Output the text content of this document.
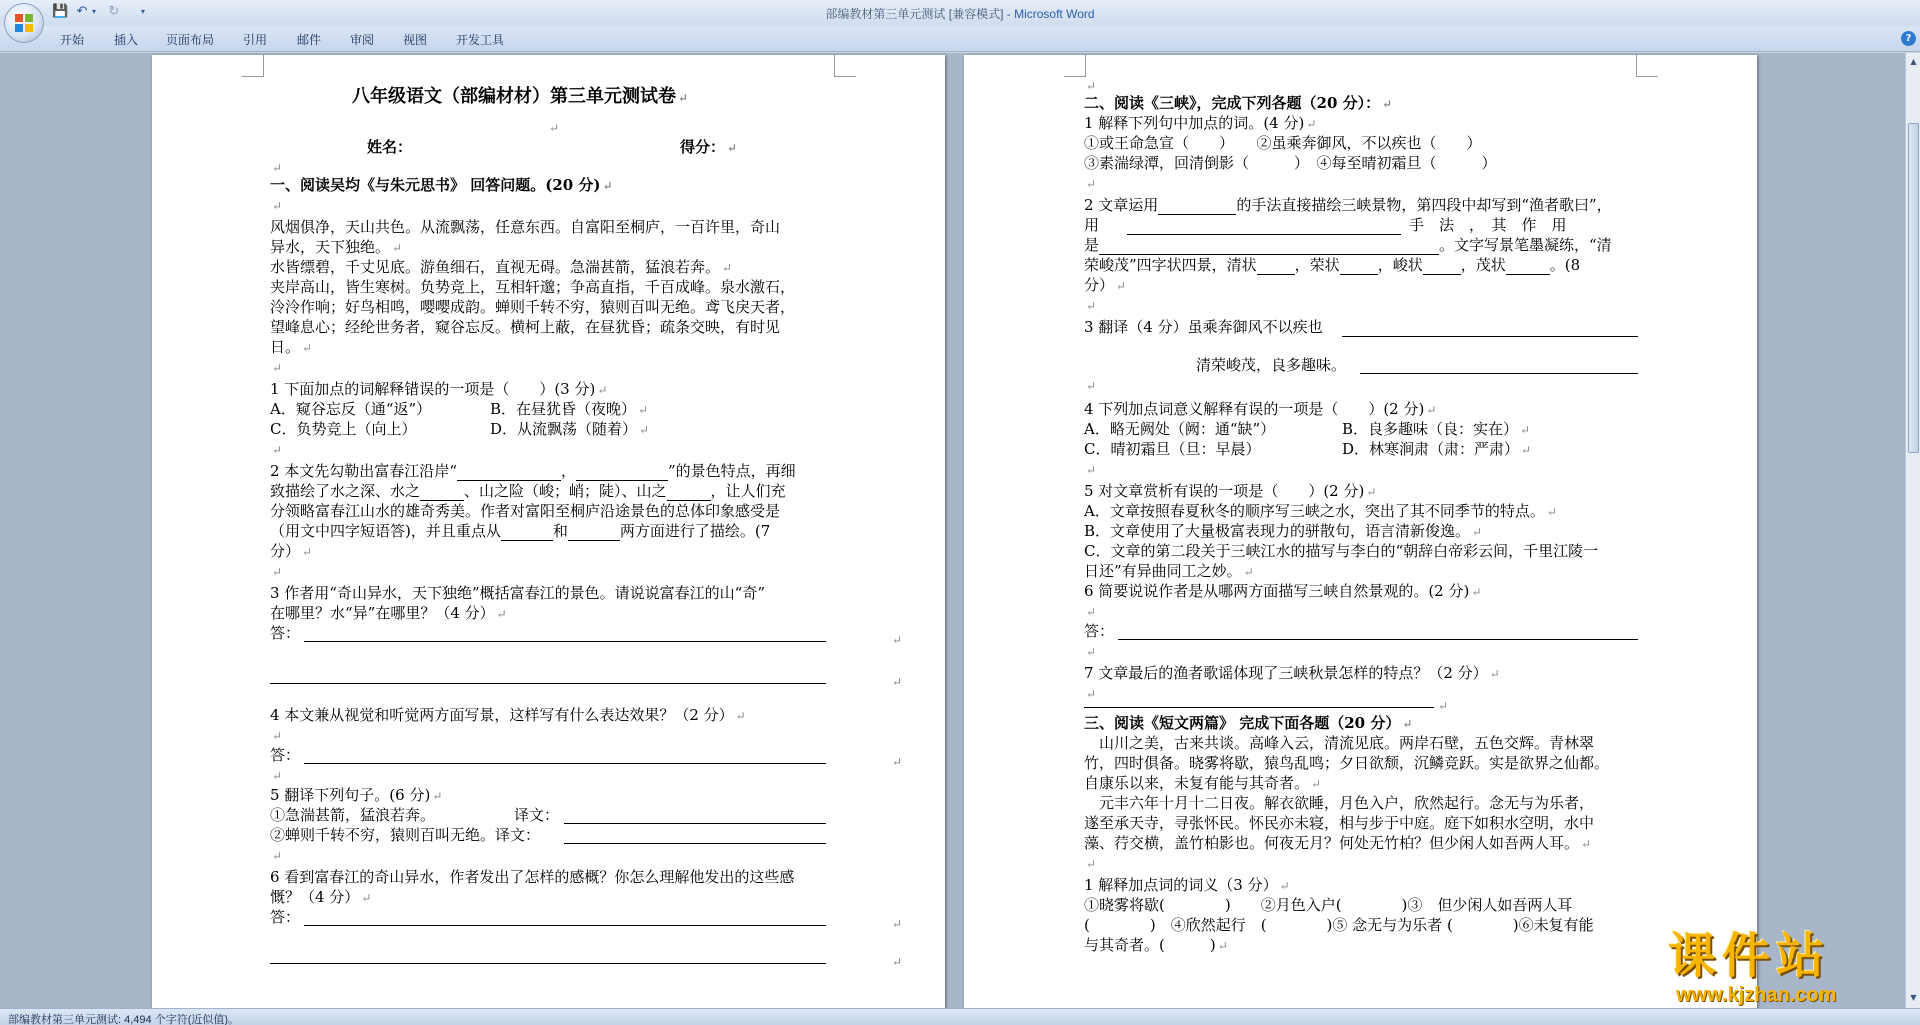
💾 ↶ ▾ ↻	▾	部编教材第三单元测试 [兼容模式] - Microsoft Word
开始 插入 页面布局 引用 邮件 审阅 视图 开发工具	?
八年级语文（部编材材）第三单元测试卷 ↵
↵
姓名：	得分： ↵
↵
一、阅读吴均《与朱元思书》 回答问题。(20 分) ↵
↵
风烟俱净，天山共色。从流飘荡，任意东西。自富阳至桐庐，一百许里，奇山
异水，天下独绝。 ↵
水皆缥碧，千丈见底。游鱼细石，直视无碍。急湍甚箭，猛浪若奔。 ↵
夹岸高山，皆生寒树。负势竞上，互相轩邈；争高直指，千百成峰。泉水激石，
泠泠作响；好鸟相鸣，嘤嘤成韵。蝉则千转不穷，猿则百叫无绝。鸢飞戾天者，
望峰息心；经纶世务者，窥谷忘反。横柯上蔽，在昼犹昏；疏条交映，有时见
日。 ↵
↵
1 下面加点的词解释错误的一项是（　　）(3 分) ↵
A．窥谷忘反（通“返”）	B．在昼犹昏（夜晚） ↵
C．负势竞上（向上）	D．从流飘荡（随着） ↵
↵
2 本文先勾勒出富春江沿岸“	，	”的景色特点，再细
致描绘了水之深、水之	、山之险（峻；峭；陡）、山之	，让人们充
分领略富春江山水的雄奇秀美。作者对富阳至桐庐沿途景色的总体印象感受是
（用文中四字短语答)，并且重点从	和	两方面进行了描绘。(7
分） ↵
↵
3 作者用“奇山异水，天下独绝”概括富春江的景色。请说说富春江的山“奇”
在哪里？水“异”在哪里？（4 分） ↵
答：	↵
↵
4 本文兼从视觉和听觉两方面写景，这样写有什么表达效果？（2 分） ↵
↵
答：	↵
↵
5 翻译下列句子。(6 分) ↵
①急湍甚箭，猛浪若奔。	译文：
②蝉则千转不穷，猿则百叫无绝。译文：
↵
6 看到富春江的奇山异水，作者发出了怎样的感概？你怎么理解他发出的这些感
慨？（4 分） ↵
答：	↵
↵
↵
二、阅读《三峡》，完成下列各题（20 分）： ↵
1 解释下列句中加点的词。(4 分) ↵
①或王命急宣（　　）　　②虽乘奔御风，不以疾也（　　）
③素湍绿潭，回清倒影（　　　）　④每至晴初霜旦（　　　）
↵
2 文章运用	的手法直接描绘三峡景物，第四段中却写到“渔者歌曰”，
用	手　法　，　其　作　用
是	。文字写景笔墨凝练，“清
荣峻茂”四字状四景，清状	，荣状	，峻状	，茂状	。(8
分） ↵
↵
3 翻译（4 分）虽乘奔御风不以疾也
清荣峻茂，良多趣味。
↵
4 下列加点词意义解释有误的一项是（　　）(2 分) ↵
A．略无阙处（阙：通“缺”）	B．良多趣味（良：实在） ↵
C．晴初霜旦（旦：早晨）	D．林寒涧肃（肃：严肃） ↵
↵
5 对文章赏析有误的一项是（　　）(2 分) ↵
A．文章按照春夏秋冬的顺序写三峡之水，突出了其不同季节的特点。 ↵
B．文章使用了大量极富表现力的骈散句，语言清新俊逸。 ↵
C．文章的第二段关于三峡江水的描写与李白的“朝辞白帝彩云间，千里江陵一
日还”有异曲同工之妙。 ↵
6 简要说说作者是从哪两方面描写三峡自然景观的。(2 分) ↵
↵
答：
↵
7 文章最后的渔者歌谣体现了三峡秋景怎样的特点？（2 分） ↵
↵
↵
三、阅读《短文两篇》 完成下面各题（20 分） ↵
　山川之美，古来共谈。高峰入云，清流见底。两岸石壁，五色交辉。青林翠
竹，四时俱备。晓雾将歇，猿鸟乱鸣；夕日欲颓，沉鳞竞跃。实是欲界之仙都。
自康乐以来，未复有能与其奇者。 ↵
　元丰六年十月十二日夜。解衣欲睡，月色入户，欣然起行。念无与为乐者，
遂至承天寺，寻张怀民。怀民亦未寝，相与步于中庭。庭下如积水空明，水中
藻、荇交横，盖竹柏影也。何夜无月？何处无竹柏？但少闲人如吾两人耳。 ↵
↵
1 解释加点词的词义（3 分） ↵
①晓雾将歇(　　　　)　　②月色入户(　　　　)③　但少闲人如吾两人耳
(　　　　)　④欣然起行　(　　　　)⑤ 念无与为乐者 (　　　　)⑥未复有能
与其奇者。(　　　) ↵
▲
▼
部编教材第三单元测试: 4,494 个字符(近似值)。
课件站
www.kjzhan.com
